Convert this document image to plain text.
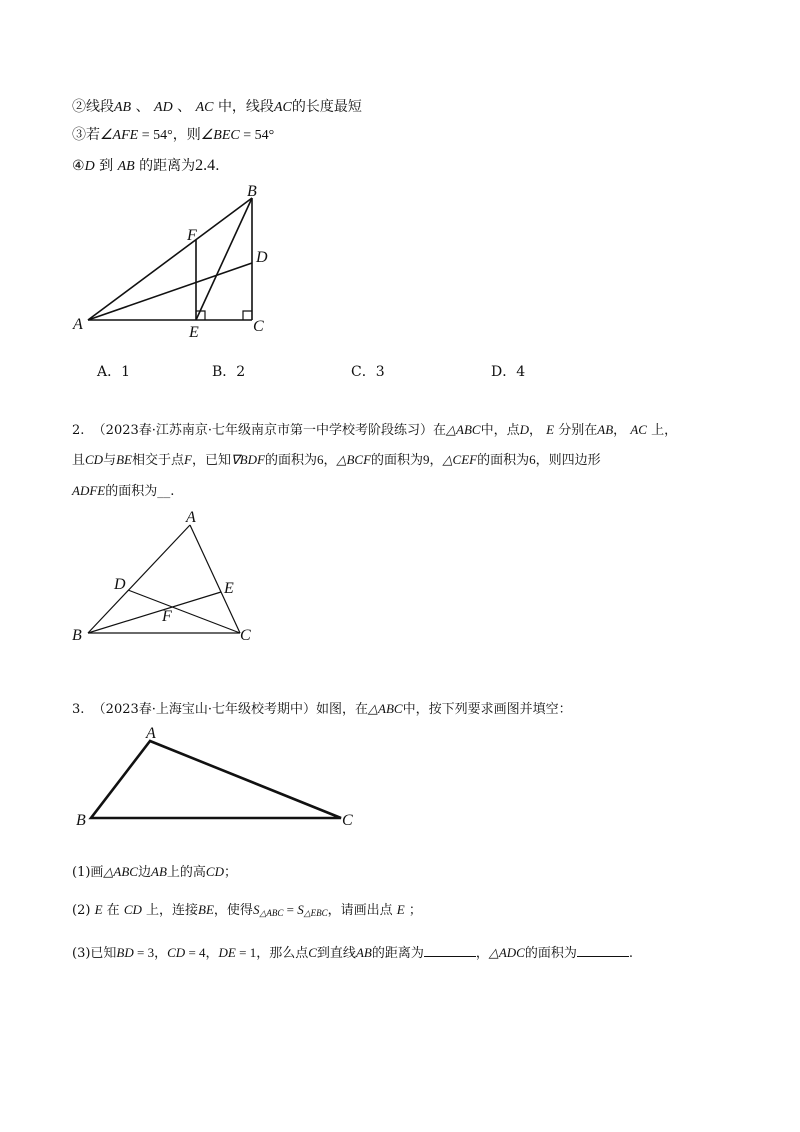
②线段AB 、 AD 、 AC 中，线段AC的长度最短
③若∠AFE = 54°，则∠BEC = 54°
④D 到 AB 的距离为2.4.
B
F
D
A	E	C
A
D	E
F
B	C
A
B	C
A．1	B．2	C．3	D．4
2. （2023春·江苏南京·七年级南京市第一中学校考阶段练习）在△ABC中，点D， E 分别在AB， AC 上，
且CD与BE相交于点F，已知∇BDF的面积为6，△BCF的面积为9，△CEF的面积为6，则四边形
ADFE的面积为__.
3. （2023春·上海宝山·七年级校考期中）如图，在△ABC中，按下列要求画图并填空：
(1)画△ABC边AB上的高CD；
(2) E 在 CD 上，连接BE，使得$S_{\triangle ABC} = S_{\triangle EBC}$，请画出点 E ；
(3)已知BD = 3，CD = 4，DE = 1，那么点C到直线AB的距离为	，△ADC的面积为	.
